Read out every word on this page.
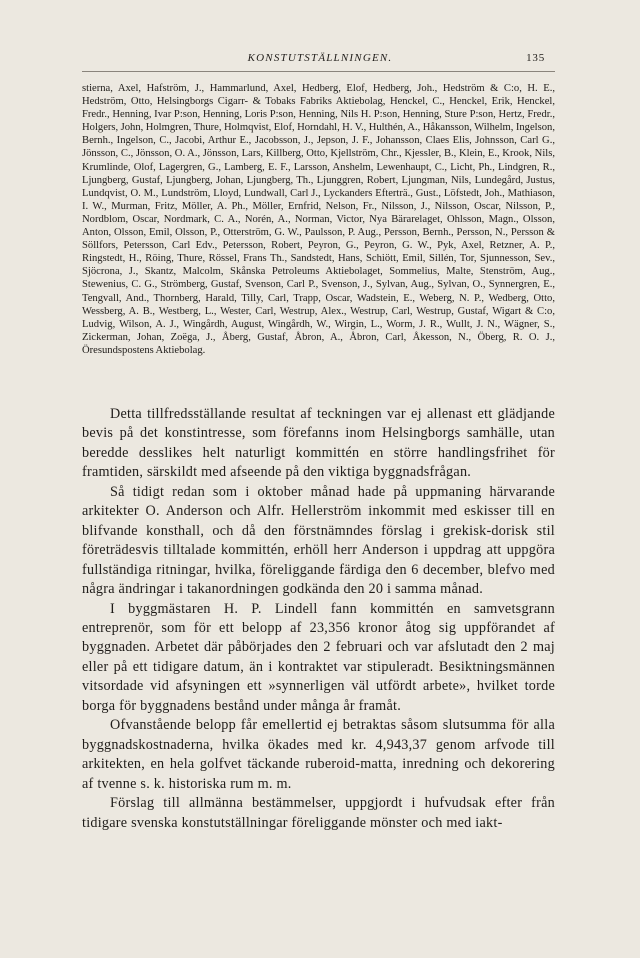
KONSTUTSTÄLLNINGEN.	135
stierna, Axel, Hafström, J., Hammarlund, Axel, Hedberg, Elof, Hedberg, Joh., Hedström & C:o, H. E., Hedström, Otto, Helsingborgs Cigarr- & Tobaks Fabriks Aktiebolag, Henckel, C., Henckel, Erik, Henckel, Fredr., Henning, Ivar P:son, Henning, Loris P:son, Henning, Nils H. P:son, Henning, Sture P:son, Hertz, Fredr., Holgers, John, Holmgren, Thure, Holmqvist, Elof, Horndahl, H. V., Hulthén, A., Håkansson, Wilhelm, Ingelson, Bernh., Ingelson, C., Jacobi, Arthur E., Jacobsson, J., Jepson, J. F., Johansson, Claes Elis, Johnsson, Carl G., Jönsson, C., Jönsson, O. A., Jönsson, Lars, Killberg, Otto, Kjellström, Chr., Kjessler, B., Klein, E., Krook, Nils, Krumlinde, Olof, Lagergren, G., Lamberg, E. F., Larsson, Anshelm, Lewenhaupt, C., Licht, Ph., Lindgren, R., Ljungberg, Gustaf, Ljungberg, Johan, Ljungberg, Th., Ljunggren, Robert, Ljungman, Nils, Lundegård, Justus, Lundqvist, O. M., Lundström, Lloyd, Lundwall, Carl J., Lyckanders Efterträ., Gust., Löfstedt, Joh., Mathiason, I. W., Murman, Fritz, Möller, A. Ph., Möller, Ernfrid, Nelson, Fr., Nilsson, J., Nilsson, Oscar, Nilsson, P., Nordblom, Oscar, Nordmark, C. A., Norén, A., Norman, Victor, Nya Bärarelaget, Ohlsson, Magn., Olsson, Anton, Olsson, Emil, Olsson, P., Otterström, G. W., Paulsson, P. Aug., Persson, Bernh., Persson, N., Persson & Söllfors, Petersson, Carl Edv., Petersson, Robert, Peyron, G., Peyron, G. W., Pyk, Axel, Retzner, A. P., Ringstedt, H., Röing, Thure, Rössel, Frans Th., Sandstedt, Hans, Schiött, Emil, Sillén, Tor, Sjunnesson, Sev., Sjöcrona, J., Skantz, Malcolm, Skånska Petroleums Aktiebolaget, Sommelius, Malte, Stenström, Aug., Stewenius, C. G., Strömberg, Gustaf, Svenson, Carl P., Svenson, J., Sylvan, Aug., Sylvan, O., Synnergren, E., Tengvall, And., Thornberg, Harald, Tilly, Carl, Trapp, Oscar, Wadstein, E., Weberg, N. P., Wedberg, Otto, Wessberg, A. B., Westberg, L., Wester, Carl, Westrup, Alex., Westrup, Carl, Westrup, Gustaf, Wigart & C:o, Ludvig, Wilson, A. J., Wingårdh, August, Wingårdh, W., Wirgin, L., Worm, J. R., Wullt, J. N., Wägner, S., Zickerman, Johan, Zoëga, J., Åberg, Gustaf, Åbron, A., Åbron, Carl, Åkesson, N., Öberg, R. O. J., Öresundspostens Aktiebolag.

Detta tillfredsställande resultat af teckningen var ej allenast ett glädjande bevis på det konstintresse, som förefanns inom Helsingborgs samhälle, utan beredde desslikes helt naturligt kommittén en större handlingsfrihet för framtiden, särskildt med afseende på den viktiga byggnadsfrågan.

Så tidigt redan som i oktober månad hade på uppmaning härvarande arkitekter O. Anderson och Alfr. Hellerström inkommit med eskisser till en blifvande konsthall, och då den förstnämndes förslag i grekisk-dorisk stil företrädesvis tilltalade kommittén, erhöll herr Anderson i uppdrag att uppgöra fullständiga ritningar, hvilka, föreliggande färdiga den 6 december, blefvo med några ändringar i takanordningen godkända den 20 i samma månad.

I byggmästaren H. P. Lindell fann kommittén en samvetsgrann entreprenör, som för ett belopp af 23,356 kronor åtog sig uppförandet af byggnaden. Arbetet där påbörjades den 2 februari och var afslutadt den 2 maj eller på ett tidigare datum, än i kontraktet var stipuleradt. Besiktningsmännen vitsordade vid afsyningen ett »synnerligen väl utfördt arbete», hvilket torde borga för byggnadens bestånd under många år framåt.

Ofvanstående belopp får emellertid ej betraktas såsom slutsumma för alla byggnadskostnaderna, hvilka ökades med kr. 4,943,37 genom arfvode till arkitekten, en hela golfvet täckande ruberoid-matta, inredning och dekorering af tvenne s. k. historiska rum m. m.

Förslag till allmänna bestämmelser, uppgjordt i hufvudsak efter från tidigare svenska konstutställningar föreliggande mönster och med iakt-
